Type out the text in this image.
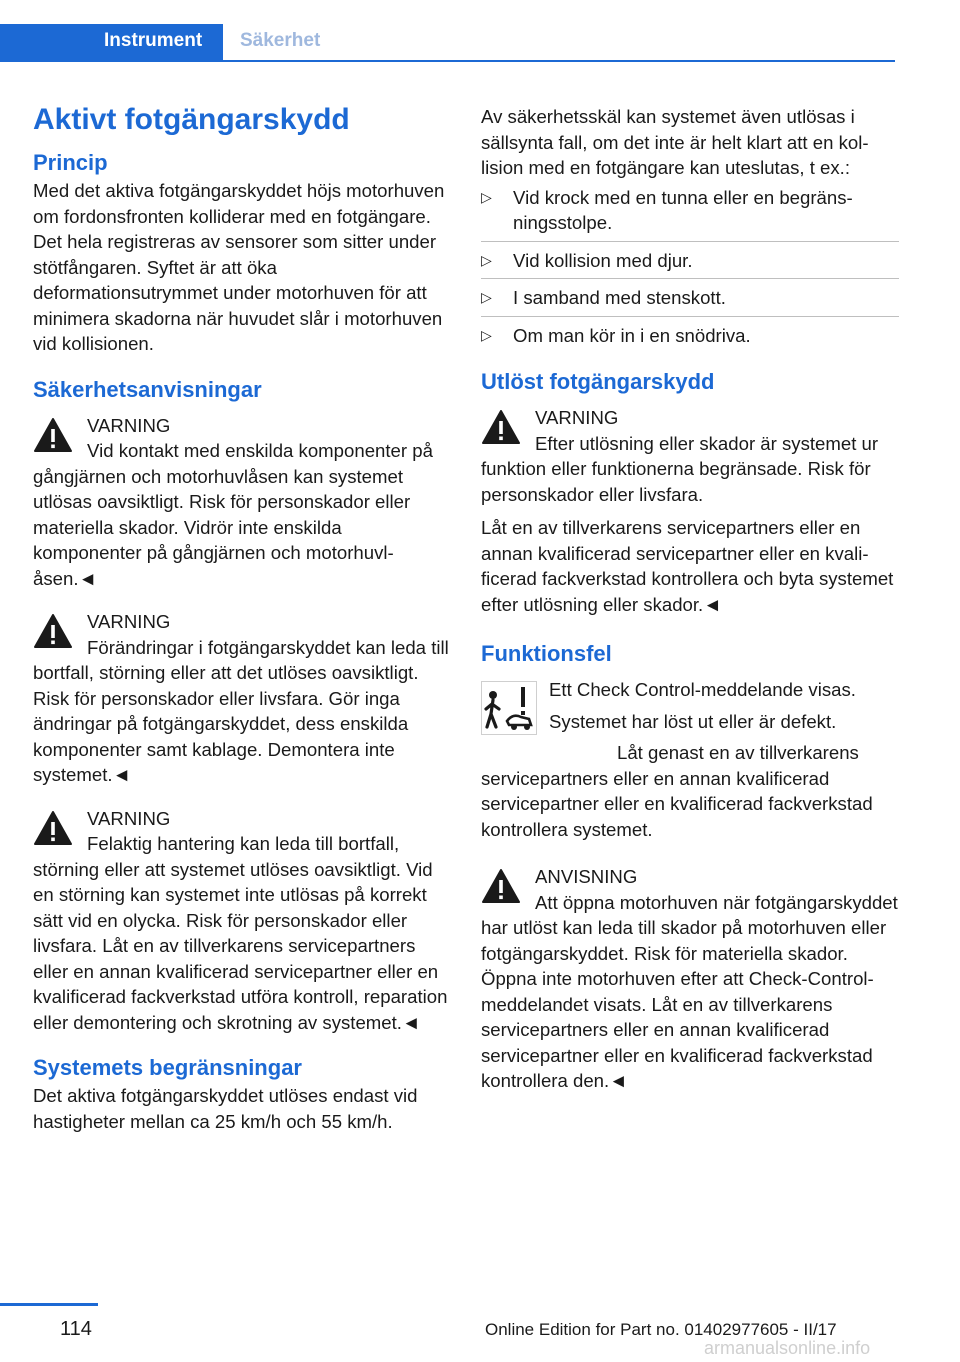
Instrument Säkerhet
Aktivt fotgängarskydd
Princip

Med det aktiva fotgängarskyddet höjs motorhuven om fordonsfronten kolliderar med en fotgängare. Det hela registreras av sensorer som sitter under stötfångaren. Syftet är att öka deformationsutrymmet under motorhuven för att minimera skadorna när huvudet slår i motorhuven vid kollisionen.

Säkerhetsanvisningar
VARNING
Vid kontakt med enskilda komponenter på gångjärnen och motorhuvlåsen kan systemet utlösas oavsiktligt. Risk för personskador eller materiella skador. Vidrör inte enskilda komponenter på gångjärnen och motorhuvlåsen.◄
VARNING
Förändringar i fotgängarskyddet kan leda till bortfall, störning eller att det utlöses oavsiktligt. Risk för personskador eller livsfara. Gör inga ändringar på fotgängarskyddet, dess enskilda komponenter samt kablage. Demontera inte systemet.◄
VARNING
Felaktig hantering kan leda till bortfall, störning eller att systemet utlöses oavsiktligt. Vid en störning kan systemet inte utlösas på korrekt sätt vid en olycka. Risk för personskador eller livsfara. Låt en av tillverkarens servicepartners eller en annan kvalificerad servicepartner eller en kvalificerad fackverkstad utföra kontroll, reparation eller demontering och skrotning av systemet.◄
Systemets begränsningar

Det aktiva fotgängarskyddet utlöses endast vid hastigheter mellan ca 25 km/h och 55 km/h.

Av säkerhetsskäl kan systemet även utlösas i sällsynta fall, om det inte är helt klart att en kollision med en fotgängare kan uteslutas, t ex.:

▷ Vid krock med en tunna eller en begränsningsstolpe.
▷ Vid kollision med djur.
▷ I samband med stenskott.
▷ Om man kör in i en snödriva.
Utlöst fotgängarskydd
VARNING
Efter utlösning eller skador är systemet ur funktion eller funktionerna begränsade. Risk för personskador eller livsfara.

Låt en av tillverkarens servicepartners eller en annan kvalificerad servicepartner eller en kvalificerad fackverkstad kontrollera och byta systemet efter utlösning eller skador.◄

Funktionsfel
Ett Check Control-meddelande visas.
Systemet har löst ut eller är defekt.
Låt genast en av tillverkarens servicepartners eller en annan kvalificerad servicepartner eller en kvalificerad fackverkstad kontrollera systemet.
ANVISNING
Att öppna motorhuven när fotgängarskyddet har utlöst kan leda till skador på motorhuven eller fotgängarskyddet. Risk för materiella skador. Öppna inte motorhuven efter att Check-Control-meddelandet visats. Låt en av tillverkarens servicepartners eller en annan kvalificerad servicepartner eller en kvalificerad fackverkstad kontrollera den.◄
114	Online Edition for Part no. 01402977605 - II/17
armanualsonline.info
